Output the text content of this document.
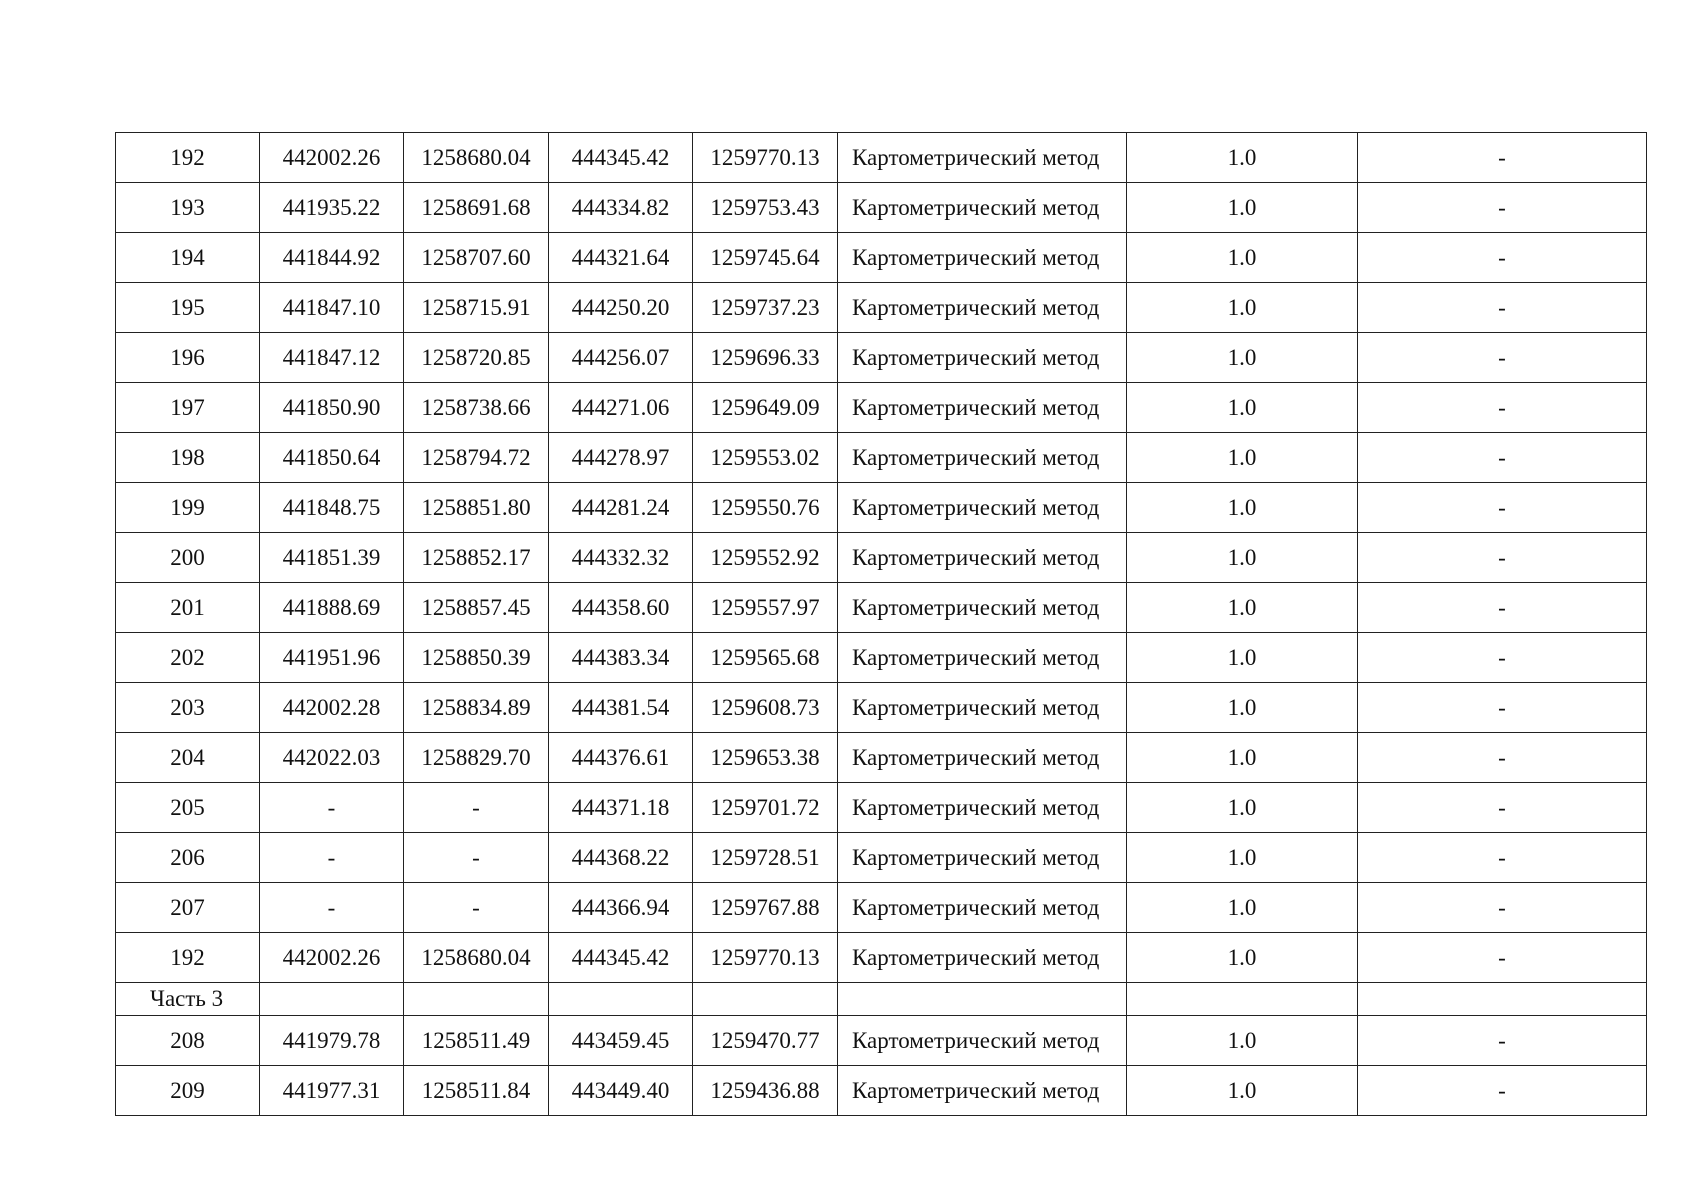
192	442002.26	1258680.04	444345.42	1259770.13	Картометрический метод	1.0	-
193	441935.22	1258691.68	444334.82	1259753.43	Картометрический метод	1.0	-
194	441844.92	1258707.60	444321.64	1259745.64	Картометрический метод	1.0	-
195	441847.10	1258715.91	444250.20	1259737.23	Картометрический метод	1.0	-
196	441847.12	1258720.85	444256.07	1259696.33	Картометрический метод	1.0	-
197	441850.90	1258738.66	444271.06	1259649.09	Картометрический метод	1.0	-
198	441850.64	1258794.72	444278.97	1259553.02	Картометрический метод	1.0	-
199	441848.75	1258851.80	444281.24	1259550.76	Картометрический метод	1.0	-
200	441851.39	1258852.17	444332.32	1259552.92	Картометрический метод	1.0	-
201	441888.69	1258857.45	444358.60	1259557.97	Картометрический метод	1.0	-
202	441951.96	1258850.39	444383.34	1259565.68	Картометрический метод	1.0	-
203	442002.28	1258834.89	444381.54	1259608.73	Картометрический метод	1.0	-
204	442022.03	1258829.70	444376.61	1259653.38	Картометрический метод	1.0	-
205	-	-	444371.18	1259701.72	Картометрический метод	1.0	-
206	-	-	444368.22	1259728.51	Картометрический метод	1.0	-
207	-	-	444366.94	1259767.88	Картометрический метод	1.0	-
192	442002.26	1258680.04	444345.42	1259770.13	Картометрический метод	1.0	-
Часть 3							
208	441979.78	1258511.49	443459.45	1259470.77	Картометрический метод	1.0	-
209	441977.31	1258511.84	443449.40	1259436.88	Картометрический метод	1.0	-
